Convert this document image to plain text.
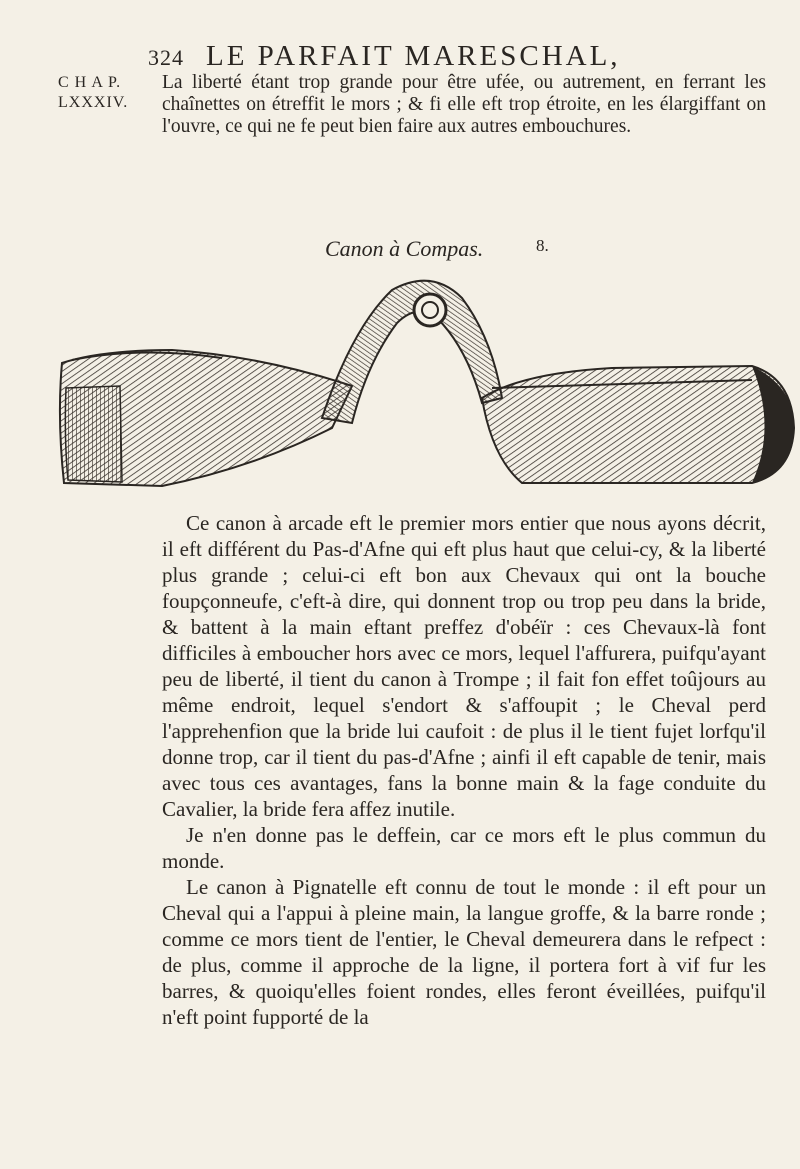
324 LE PARFAIT MARESCHAL,
C H A P.
LXXXIV.
La liberté étant trop grande pour être ufée, ou autrement, en ferrant les chaînettes on étreffit le mors ; & fi elle eft trop étroite, en les élargiffant on l'ouvre, ce qui ne fe peut bien faire aux autres embouchures.
Canon à Compas.	8.

Ce canon à arcade eft le premier mors entier que nous ayons décrit, il eft différent du Pas-d'Afne qui eft plus haut que celui-cy, & la liberté plus grande ; celui-ci eft bon aux Chevaux qui ont la bouche foupçonneufe, c'eft-à dire, qui donnent trop ou trop peu dans la bride, & battent à la main eftant preffez d'obéïr : ces Chevaux-là font difficiles à emboucher hors avec ce mors, lequel l'affurera, puifqu'ayant peu de liberté, il tient du canon à Trompe ; il fait fon effet toûjours au même endroit, lequel s'endort & s'affoupit ; le Cheval perd l'apprehenfion que la bride lui caufoit : de plus il le tient fujet lorfqu'il donne trop, car il tient du pas-d'Afne ; ainfi il eft capable de tenir, mais avec tous ces avantages, fans la bonne main & la fage conduite du Cavalier, la bride fera affez inutile.

Je n'en donne pas le deffein, car ce mors eft le plus commun du monde.

Le canon à Pignatelle eft connu de tout le monde : il eft pour un Cheval qui a l'appui à pleine main, la langue groffe, & la barre ronde ; comme ce mors tient de l'entier, le Cheval demeurera dans le refpect : de plus, comme il approche de la ligne, il portera fort à vif fur les barres, & quoiqu'elles foient rondes, elles feront éveillées, puifqu'il n'eft point fupporté de la
